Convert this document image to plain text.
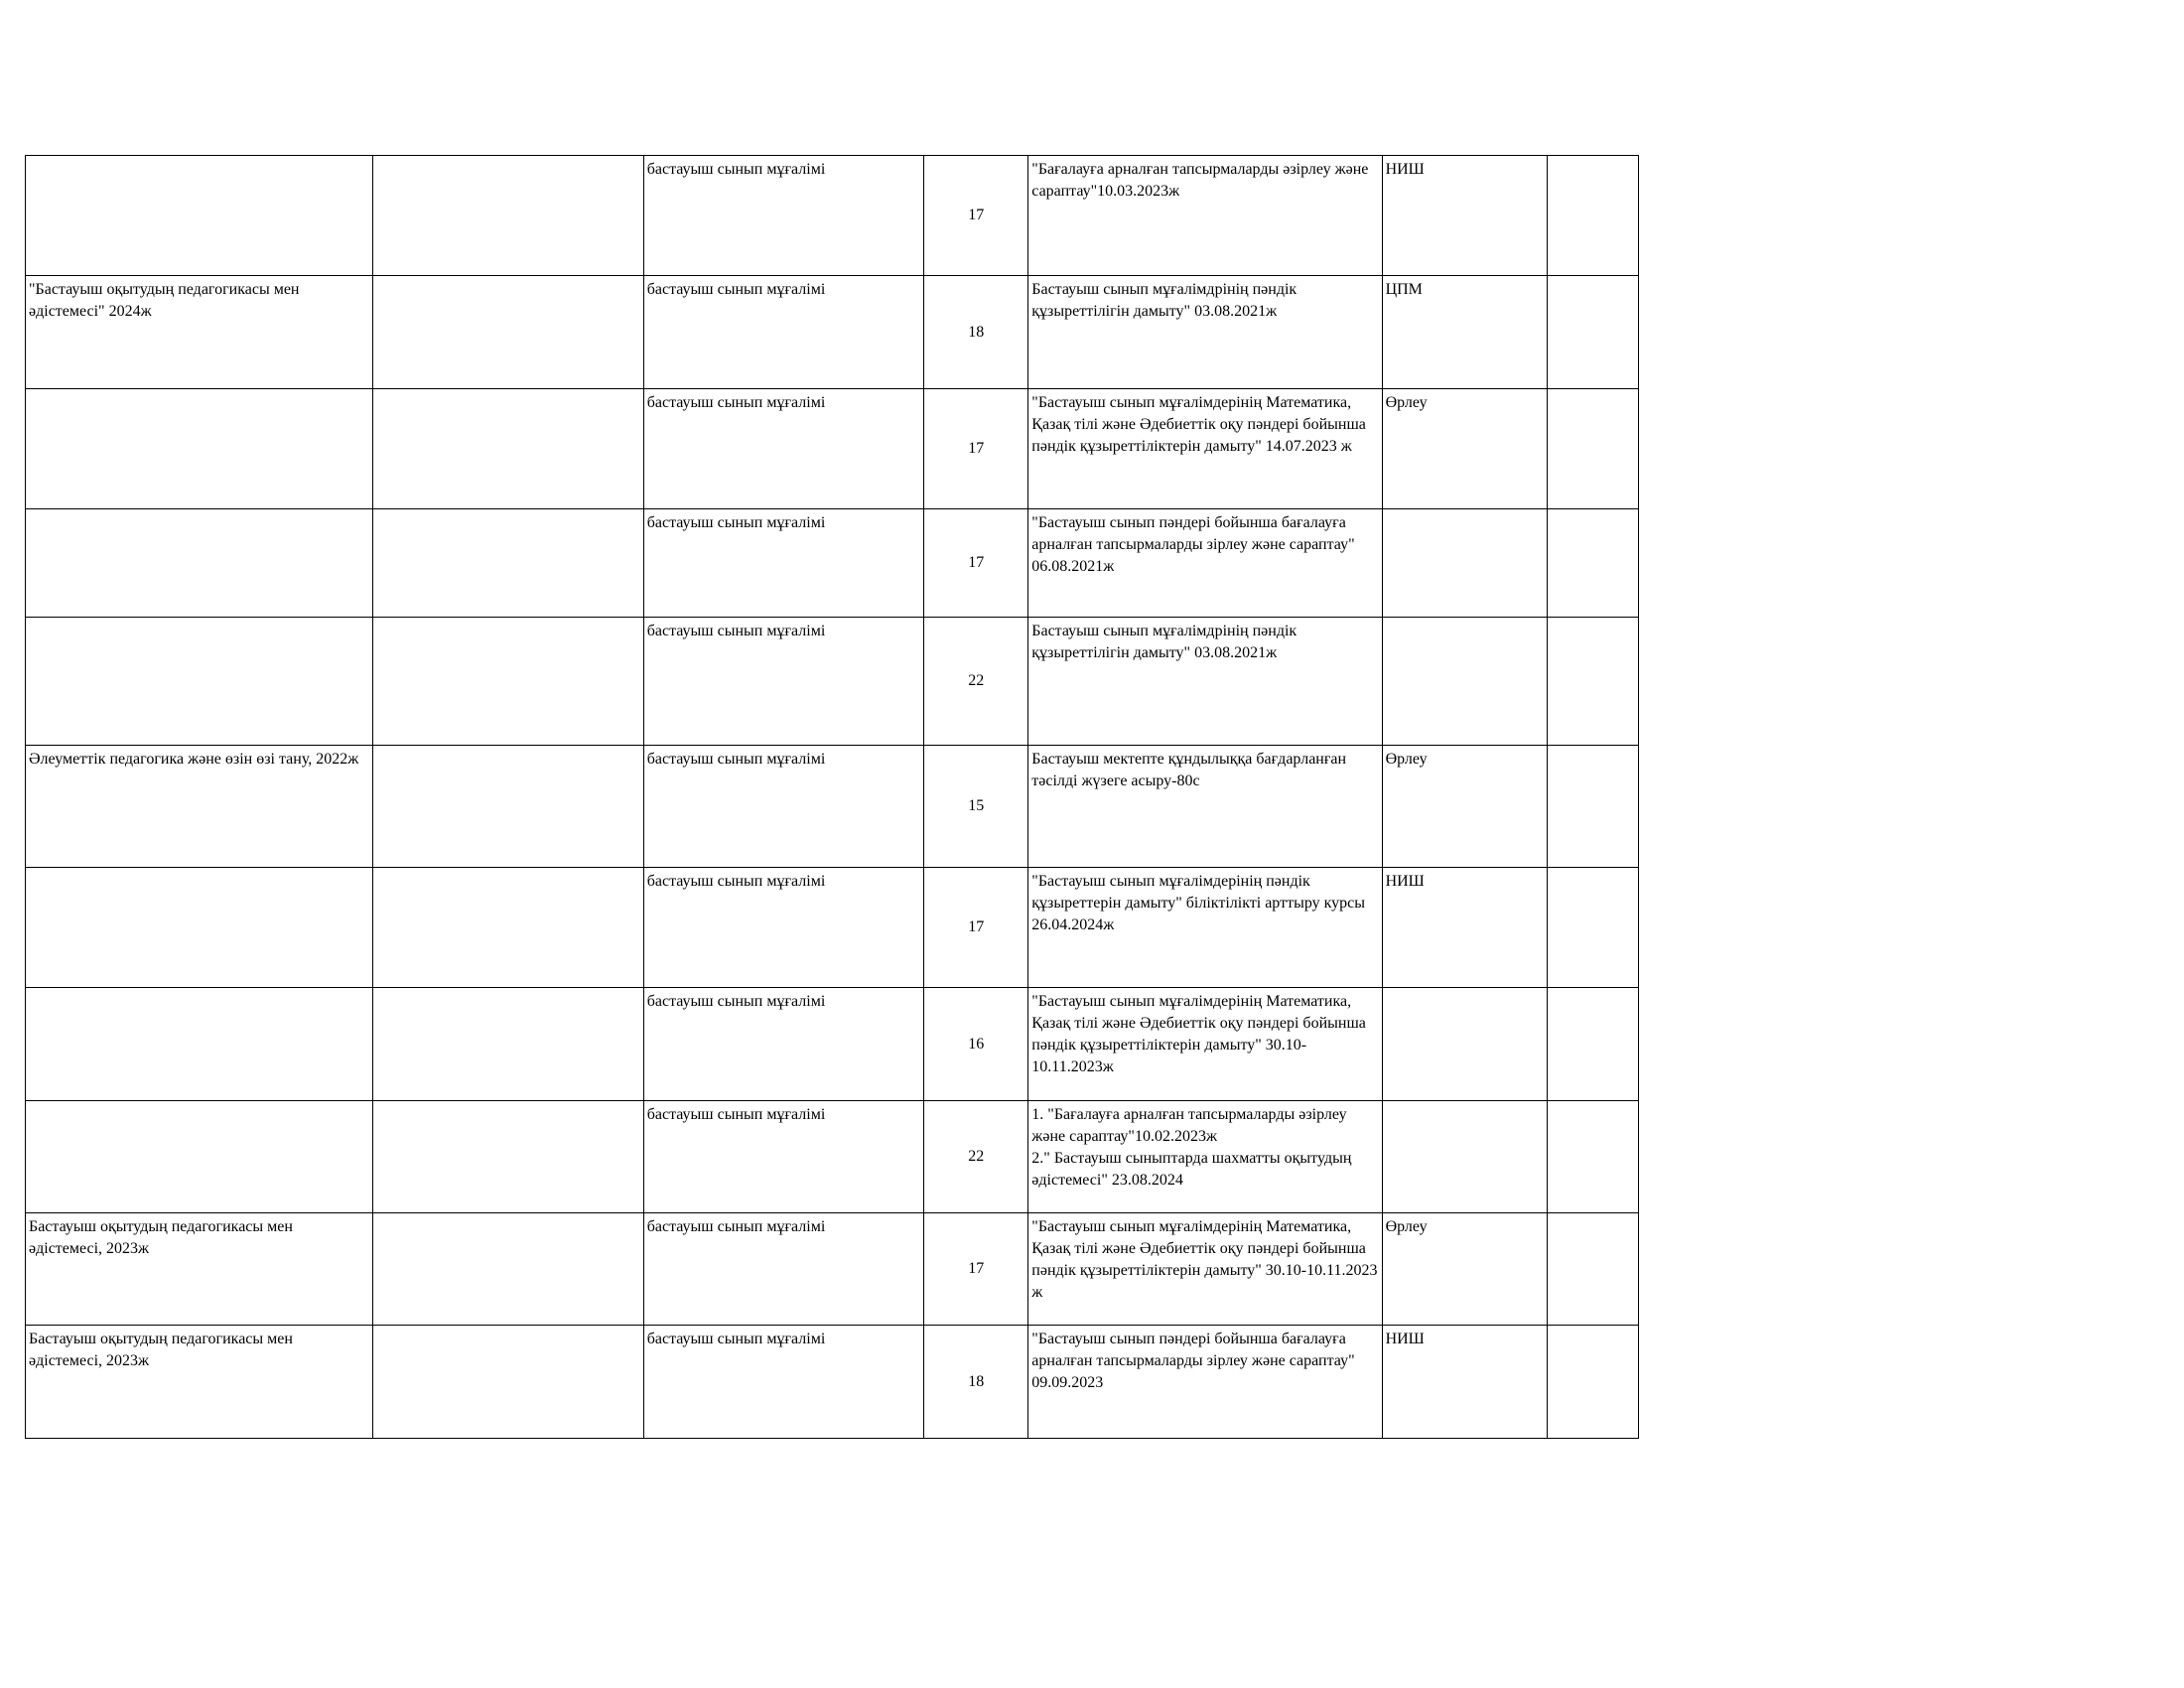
		бастауыш сынып мұғалімі	17	"Бағалауға арналған тапсырмаларды әзірлеу және сараптау"10.03.2023ж	НИШ	
"Бастауыш оқытудың педагогикасы мен әдістемесі" 2024ж		бастауыш сынып мұғалімі	18	Бастауыш сынып мұғалімдрінің пәндік құзыреттілігін дамыту" 03.08.2021ж	ЦПМ	
		бастауыш сынып мұғалімі	17	"Бастауыш сынып мұғалімдерінің Математика, Қазақ тілі және Әдебиеттік оқу пәндері бойынша пәндік құзыреттіліктерін дамыту" 14.07.2023 ж	Өрлеу	
		бастауыш сынып мұғалімі	17	"Бастауыш сынып пәндері бойынша бағалауға арналған тапсырмаларды зірлеу және сараптау" 06.08.2021ж		
		бастауыш сынып мұғалімі	22	Бастауыш сынып мұғалімдрінің пәндік құзыреттілігін дамыту" 03.08.2021ж		
Әлеуметтік педагогика және өзін өзі тану, 2022ж		бастауыш сынып мұғалімі	15	Бастауыш мектепте құндылыққа бағдарланған тәсілді жүзеге асыру-80с	Өрлеу	
		бастауыш сынып мұғалімі	17	"Бастауыш сынып мұғалімдерінің пәндік құзыреттерін дамыту" біліктілікті арттыру курсы 26.04.2024ж	НИШ	
		бастауыш сынып мұғалімі	16	"Бастауыш сынып мұғалімдерінің Математика, Қазақ тілі және Әдебиеттік оқу пәндері бойынша пәндік құзыреттіліктерін дамыту" 30.10-10.11.2023ж		
		бастауыш сынып мұғалімі	22	1. "Бағалауға арналған тапсырмаларды әзірлеу және сараптау"10.02.2023ж
2." Бастауыш сыныптарда шахматты оқытудың әдістемесі" 23.08.2024		
Бастауыш оқытудың педагогикасы мен әдістемесі, 2023ж		бастауыш сынып мұғалімі	17	"Бастауыш сынып мұғалімдерінің Математика, Қазақ тілі және Әдебиеттік оқу пәндері бойынша пәндік құзыреттіліктерін дамыту" 30.10-10.11.2023 ж	Өрлеу	
Бастауыш оқытудың педагогикасы мен әдістемесі, 2023ж		бастауыш сынып мұғалімі	18	"Бастауыш сынып пәндері бойынша бағалауға арналған тапсырмаларды зірлеу және сараптау" 09.09.2023	НИШ	
